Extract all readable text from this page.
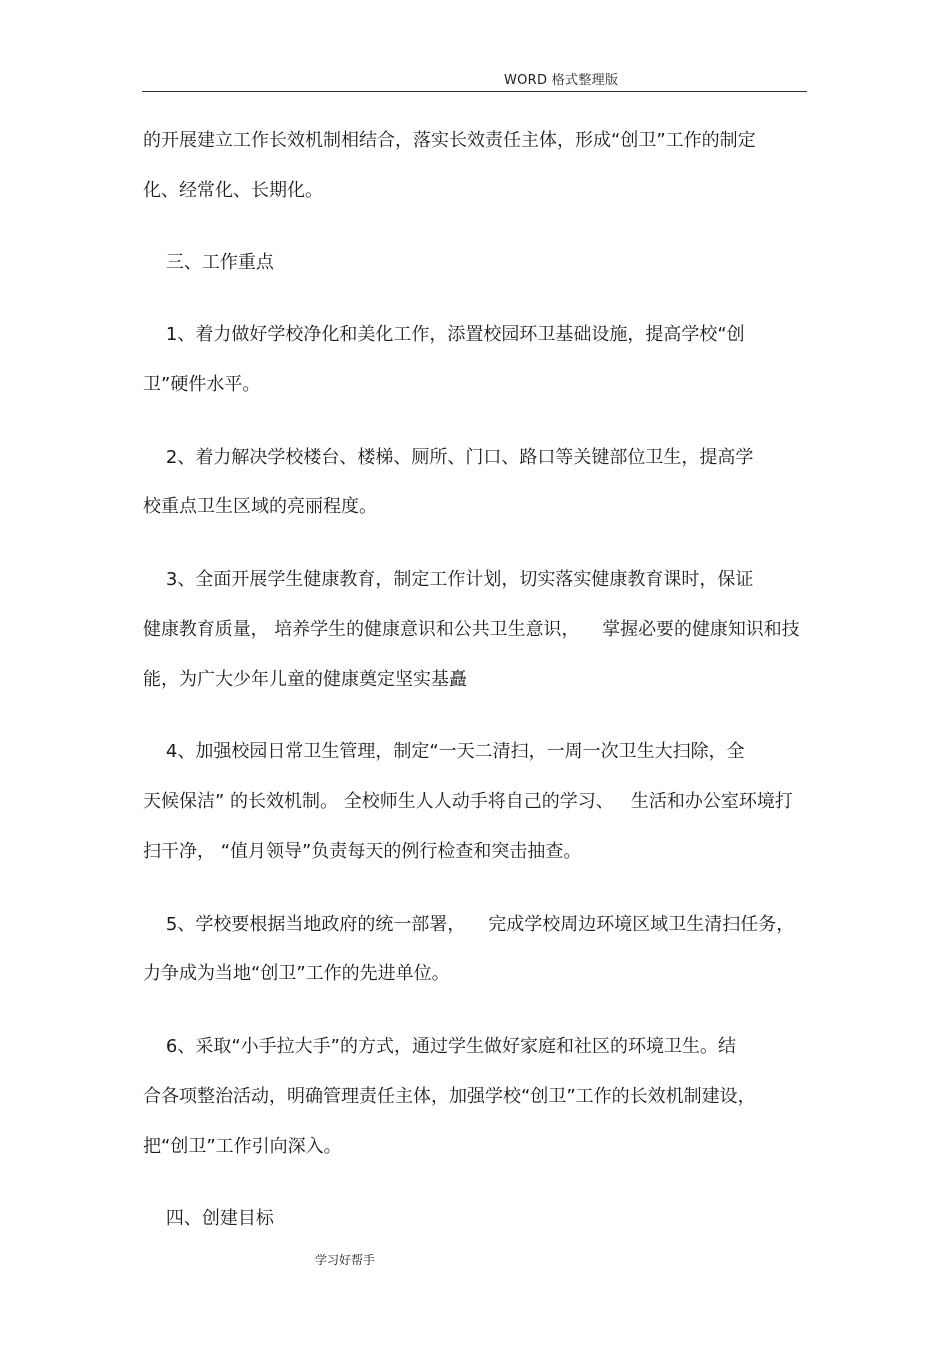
WORD 格式整理版
的开展建立工作长效机制相结合，落实长效责任主体，形成“创卫”工作的制定
化、经常化、长期化。
三、工作重点
1、着力做好学校净化和美化工作，添置校园环卫基础设施，提高学校“创
卫”硬件水平。
2、着力解决学校楼台、楼梯、厕所、门口、路口等关键部位卫生，提高学
校重点卫生区域的亮丽程度。
3、全面开展学生健康教育，制定工作计划，切实落实健康教育课时，保证
健康教育质量， 培养学生的健康意识和公共卫生意识，    掌握必要的健康知识和技
能，为广大少年儿童的健康奠定坚实基矗
4、加强校园日常卫生管理，制定“一天二清扫，一周一次卫生大扫除，全
天候保洁” 的长效机制。 全校师生人人动手将自己的学习、   生活和办公室环境打
扫干净， “值月领导”负责每天的例行检查和突击抽查。
5、学校要根据当地政府的统一部署，    完成学校周边环境区域卫生清扫任务，
力争成为当地“创卫”工作的先进单位。
6、采取“小手拉大手”的方式，通过学生做好家庭和社区的环境卫生。结
合各项整治活动，明确管理责任主体，加强学校“创卫”工作的长效机制建设，
把“创卫”工作引向深入。
四、创建目标
学习好帮手
